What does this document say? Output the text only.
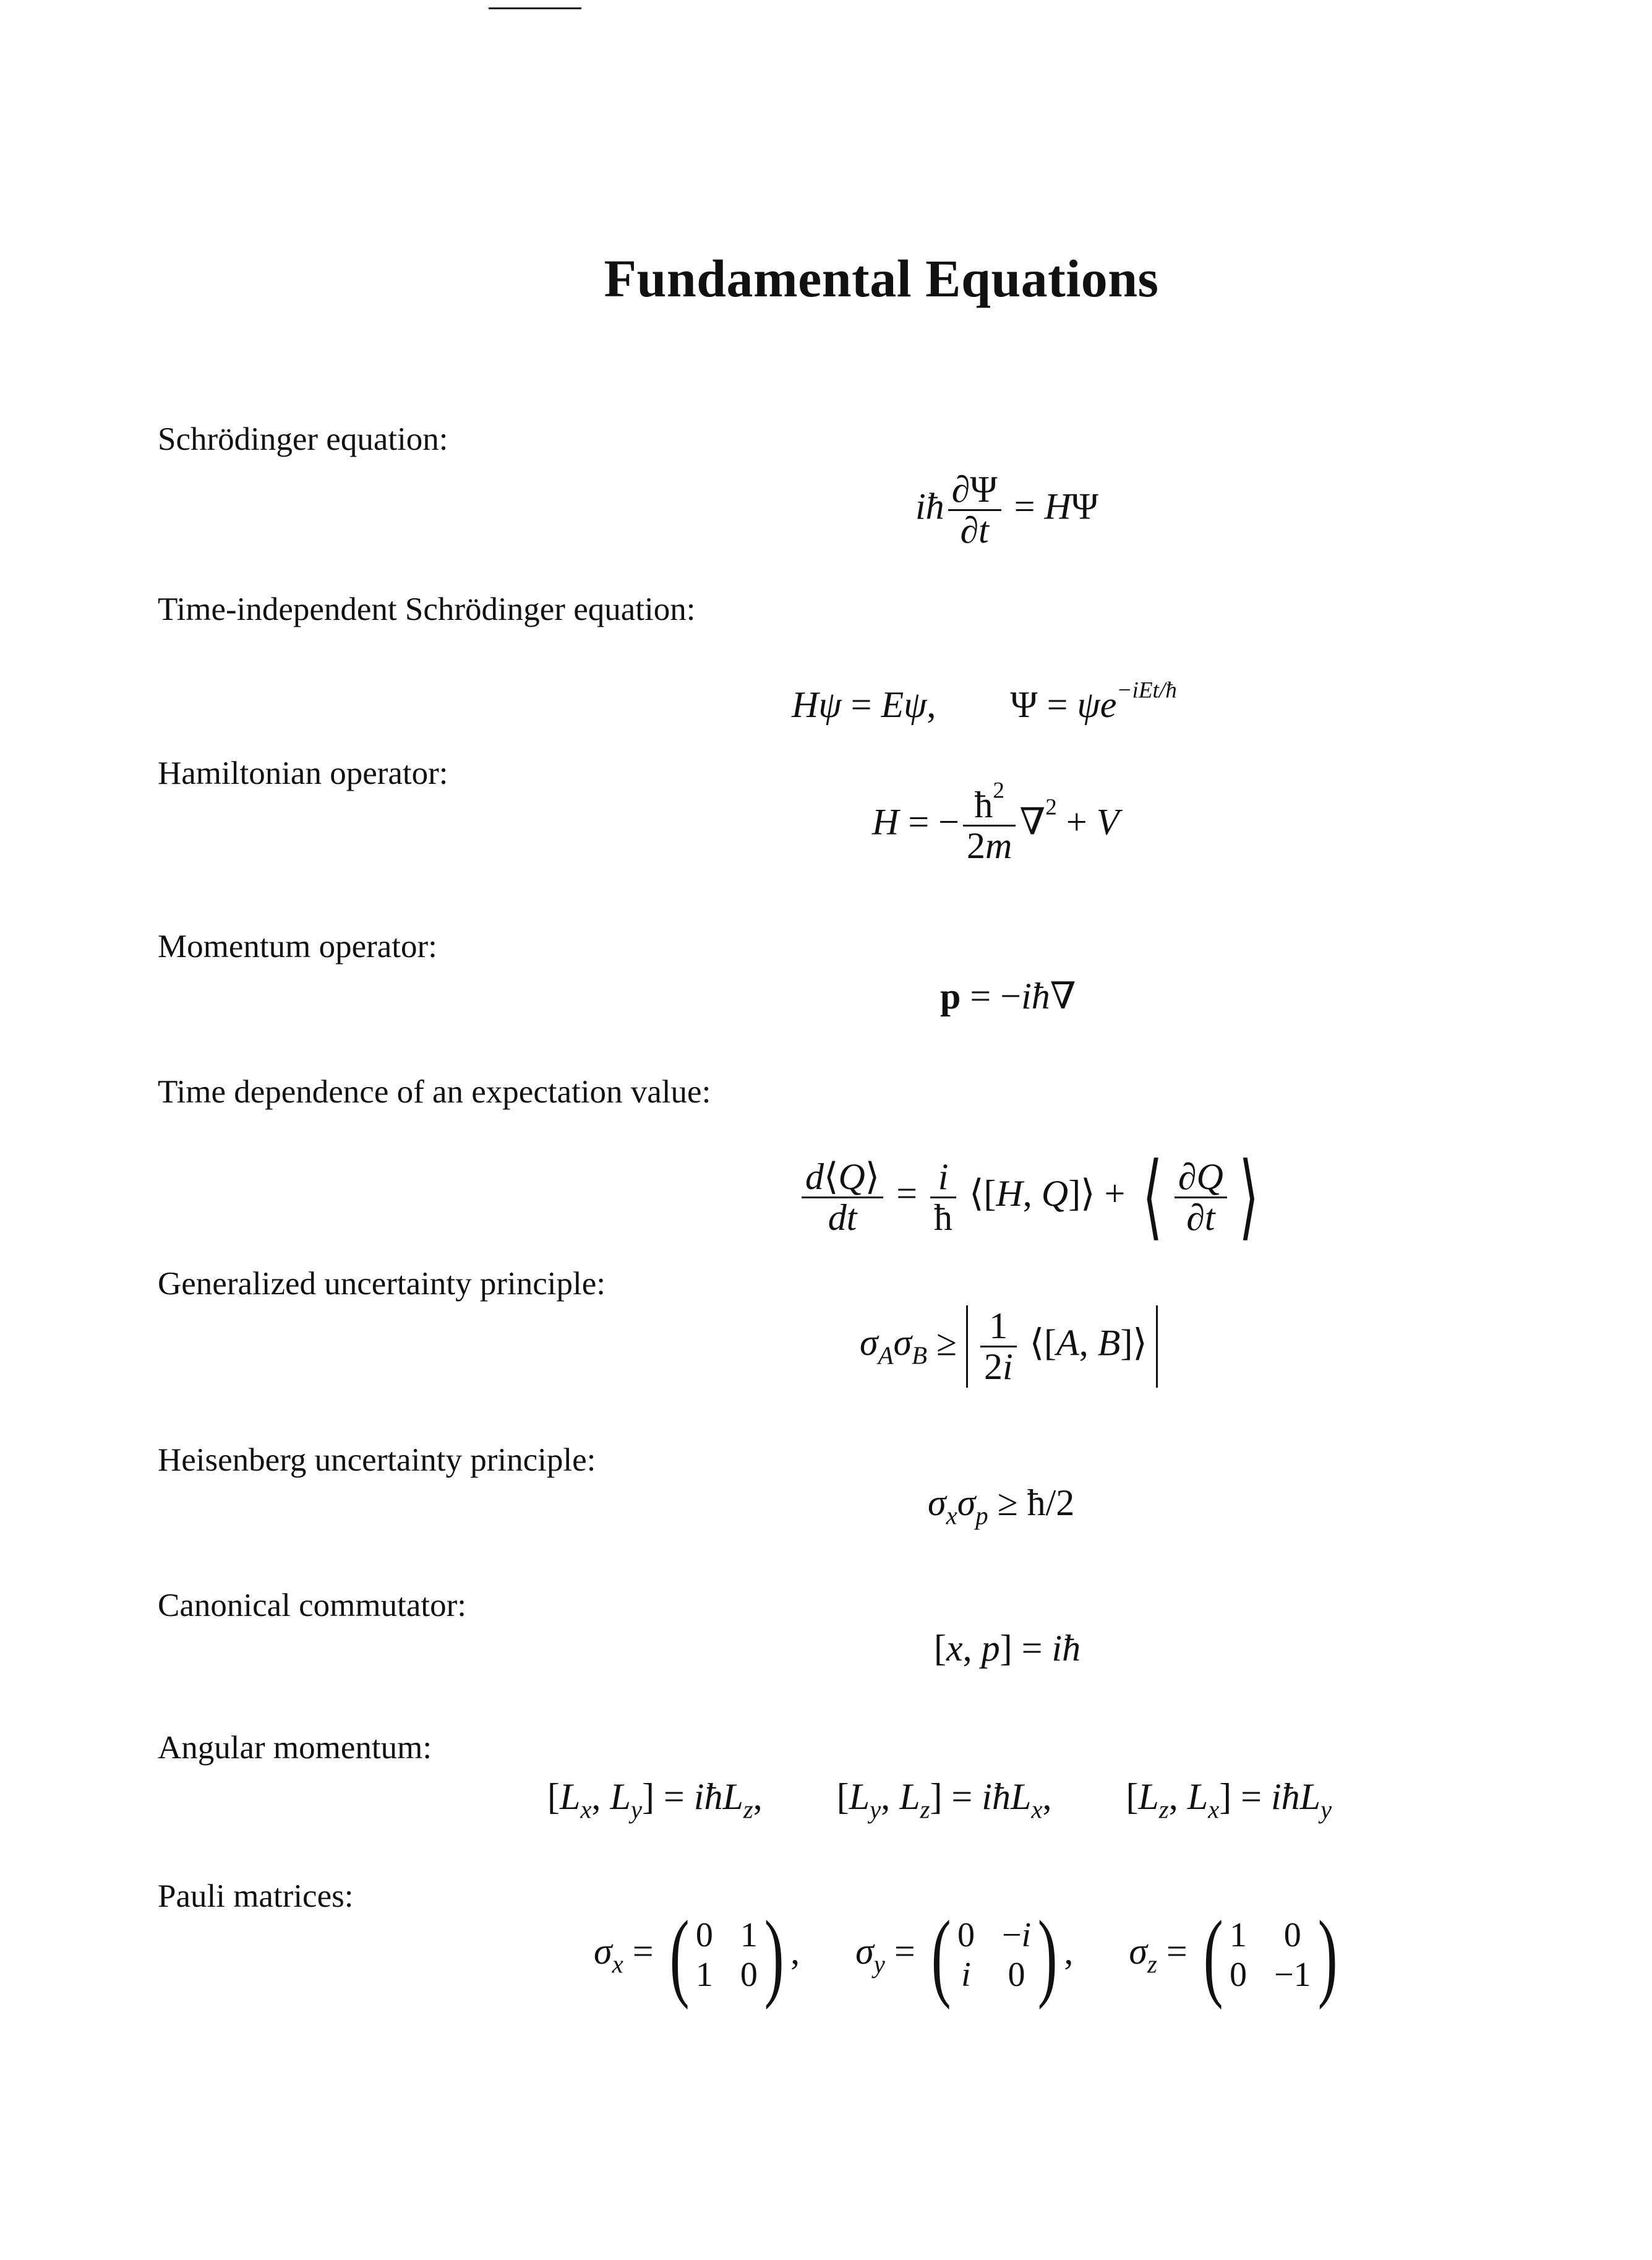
Fundamental Equations
Schrödinger equation:
iħ $\frac{\partial\Psi}{\partial t} = H\Psi$
Time-independent Schrödinger equation:
Hψ = Eψ,        $\Psi = \psi e^{-iEt/ħ}$
Hamiltonian operator:
H = − $\frac{ħ^2}{2m} \nabla^2 + V$
Momentum operator:
p = −iħ∇
Time dependence of an expectation value:
$\frac{d⟨Q⟩}{dt} = \frac{i}{ħ}$ ⟨[H, Q]⟩ + ⟨ $\frac{\partial Q}{\partial t}$ ⟩
Generalized uncertainty principle:
$\sigma_A\sigma_B \ge \frac{1}{2i}$ ⟨[A, B]⟩
Heisenberg uncertainty principle:
$\sigma_x\sigma_p$ ≥ ħ/2
Canonical commutator:
[x, p] = iħ
Angular momentum:
[$L_x$, $L_y$] = iħL$_z$,        [$L_y$, $L_z$] = iħL$_x$,        [$L_z$, $L_x$] = iħL$_y$
Pauli matrices:
$\sigma_x$ = ( 0 1
1 0 ) ,      $\sigma_y$ = ( 0 −i
i 0 ) ,      $\sigma_z$ = ( 1 0
0 −1 )
